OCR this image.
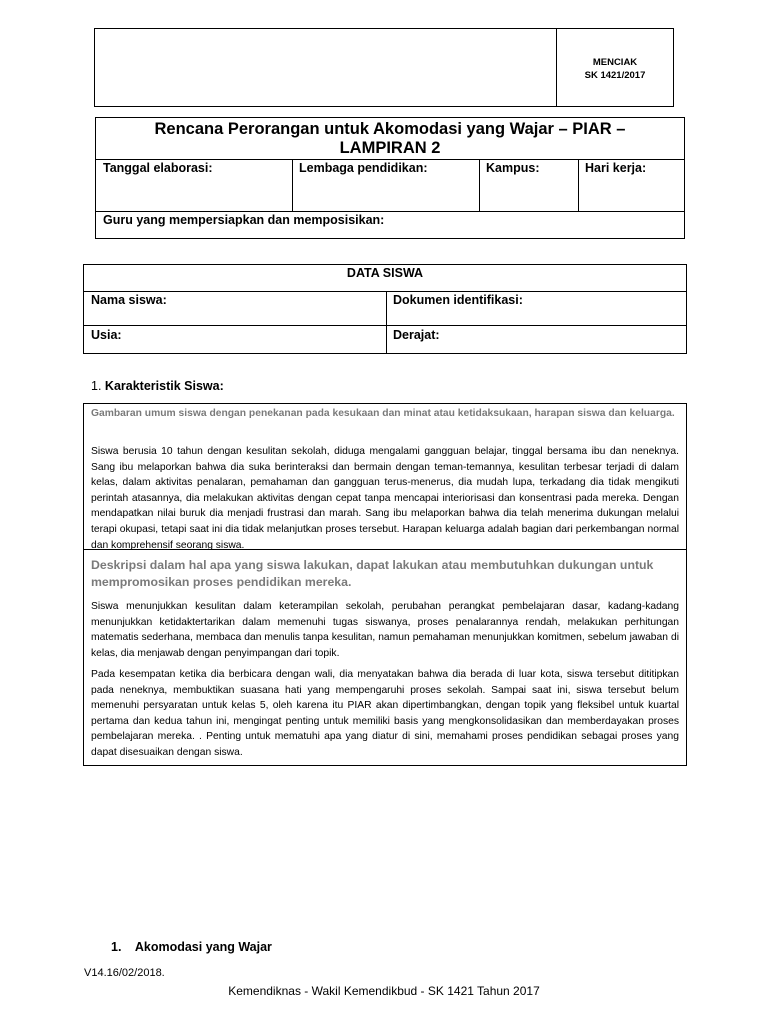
MENCIAK
SK 1421/2017
Rencana Perorangan untuk Akomodasi yang Wajar – PIAR –
LAMPIRAN 2
Tanggal elaborasi:	Lembaga pendidikan:	Kampus:	Hari kerja:
Guru yang mempersiapkan dan memposisikan:
DATA SISWA
Nama siswa:	Dokumen identifikasi:
Usia:	Derajat:
1. Karakteristik Siswa:
Gambaran umum siswa dengan penekanan pada kesukaan dan minat atau ketidaksukaan, harapan siswa dan keluarga.
Siswa berusia 10 tahun dengan kesulitan sekolah, diduga mengalami gangguan belajar, tinggal bersama ibu dan neneknya. Sang ibu melaporkan bahwa dia suka berinteraksi dan bermain dengan teman-temannya, kesulitan terbesar terjadi di dalam kelas, dalam aktivitas penalaran, pemahaman dan gangguan terus-menerus, dia mudah lupa, terkadang dia tidak mengikuti perintah atasannya, dia melakukan aktivitas dengan cepat tanpa mencapai interiorisasi dan konsentrasi pada mereka. Dengan mendapatkan nilai buruk dia menjadi frustrasi dan marah. Sang ibu melaporkan bahwa dia telah menerima dukungan melalui terapi okupasi, tetapi saat ini dia tidak melanjutkan proses tersebut. Harapan keluarga adalah bagian dari perkembangan normal dan komprehensif seorang siswa.
Deskripsi dalam hal apa yang siswa lakukan, dapat lakukan atau membutuhkan dukungan untuk mempromosikan proses pendidikan mereka.
Siswa menunjukkan kesulitan dalam keterampilan sekolah, perubahan perangkat pembelajaran dasar, kadang-kadang menunjukkan ketidaktertarikan dalam memenuhi tugas siswanya, proses penalarannya rendah, melakukan perhitungan matematis sederhana, membaca dan menulis tanpa kesulitan, namun pemahaman menunjukkan komitmen, sebelum jawaban di kelas, dia menjawab dengan penyimpangan dari topik.
Pada kesempatan ketika dia berbicara dengan wali, dia menyatakan bahwa dia berada di luar kota, siswa tersebut dititipkan pada neneknya, membuktikan suasana hati yang mempengaruhi proses sekolah. Sampai saat ini, siswa tersebut belum memenuhi persyaratan untuk kelas 5, oleh karena itu PIAR akan dipertimbangkan, dengan topik yang fleksibel untuk kuartal pertama dan kedua tahun ini, mengingat penting untuk memiliki basis yang mengkonsolidasikan dan memberdayakan proses pembelajaran mereka. . Penting untuk mematuhi apa yang diatur di sini, memahami proses pendidikan sebagai proses yang dapat disesuaikan dengan siswa.
1.    Akomodasi yang Wajar
V14.16/02/2018.
Kemendiknas - Wakil Kemendikbud - SK 1421 Tahun 2017
